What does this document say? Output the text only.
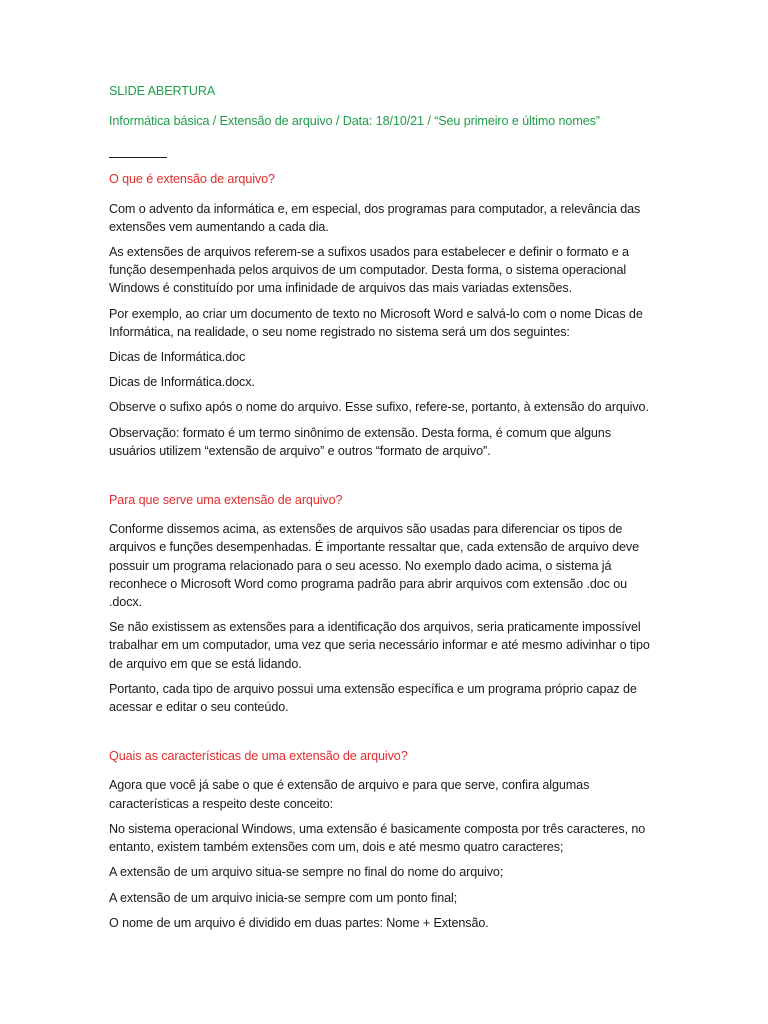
SLIDE ABERTURA

Informática básica / Extensão de arquivo / Data: 18/10/21 / “Seu primeiro e último nomes”

O que é extensão de arquivo?

Com o advento da informática e, em especial, dos programas para computador, a relevância das extensões vem aumentando a cada dia.

As extensões de arquivos referem-se a sufixos usados para estabelecer e definir o formato e a função desempenhada pelos arquivos de um computador. Desta forma, o sistema operacional Windows é constituído por uma infinidade de arquivos das mais variadas extensões.

Por exemplo, ao criar um documento de texto no Microsoft Word e salvá-lo com o nome Dicas de Informática, na realidade, o seu nome registrado no sistema será um dos seguintes:

Dicas de Informática.doc

Dicas de Informática.docx.

Observe o sufixo após o nome do arquivo. Esse sufixo, refere-se, portanto, à extensão do arquivo.

Observação: formato é um termo sinônimo de extensão. Desta forma, é comum que alguns usuários utilizem “extensão de arquivo” e outros “formato de arquivo”.

Para que serve uma extensão de arquivo?

Conforme dissemos acima, as extensões de arquivos são usadas para diferenciar os tipos de arquivos e funções desempenhadas. É importante ressaltar que, cada extensão de arquivo deve possuir um programa relacionado para o seu acesso. No exemplo dado acima, o sistema já reconhece o Microsoft Word como programa padrão para abrir arquivos com extensão .doc ou .docx.

Se não existissem as extensões para a identificação dos arquivos, seria praticamente impossível trabalhar em um computador, uma vez que seria necessário informar e até mesmo adivinhar o tipo de arquivo em que se está lidando.

Portanto, cada tipo de arquivo possui uma extensão específica e um programa próprio capaz de acessar e editar o seu conteúdo.

Quais as características de uma extensão de arquivo?

Agora que você já sabe o que é extensão de arquivo e para que serve, confira algumas características a respeito deste conceito:

No sistema operacional Windows, uma extensão é basicamente composta por três caracteres, no entanto, existem também extensões com um, dois e até mesmo quatro caracteres;

A extensão de um arquivo situa-se sempre no final do nome do arquivo;

A extensão de um arquivo inicia-se sempre com um ponto final;

O nome de um arquivo é dividido em duas partes: Nome + Extensão.
